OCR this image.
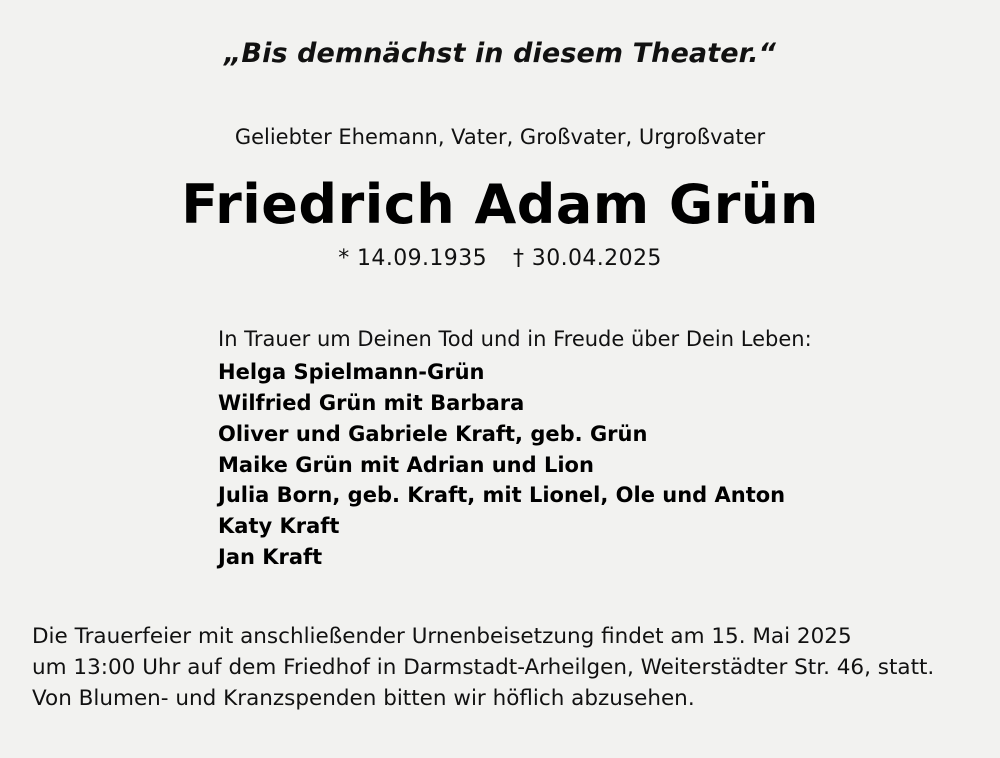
„Bis demnächst in diesem Theater.“
Geliebter Ehemann, Vater, Großvater, Urgroßvater
Friedrich Adam Grün
* 14.09.1935 † 30.04.2025
In Trauer um Deinen Tod und in Freude über Dein Leben:
Helga Spielmann-Grün
Wilfried Grün mit Barbara
Oliver und Gabriele Kraft, geb. Grün
Maike Grün mit Adrian und Lion
Julia Born, geb. Kraft, mit Lionel, Ole und Anton
Katy Kraft
Jan Kraft
Die Trauerfeier mit anschließender Urnenbeisetzung findet am 15. Mai 2025
um 13:00 Uhr auf dem Friedhof in Darmstadt-Arheilgen, Weiterstädter Str. 46, statt.
Von Blumen- und Kranzspenden bitten wir höflich abzusehen.
